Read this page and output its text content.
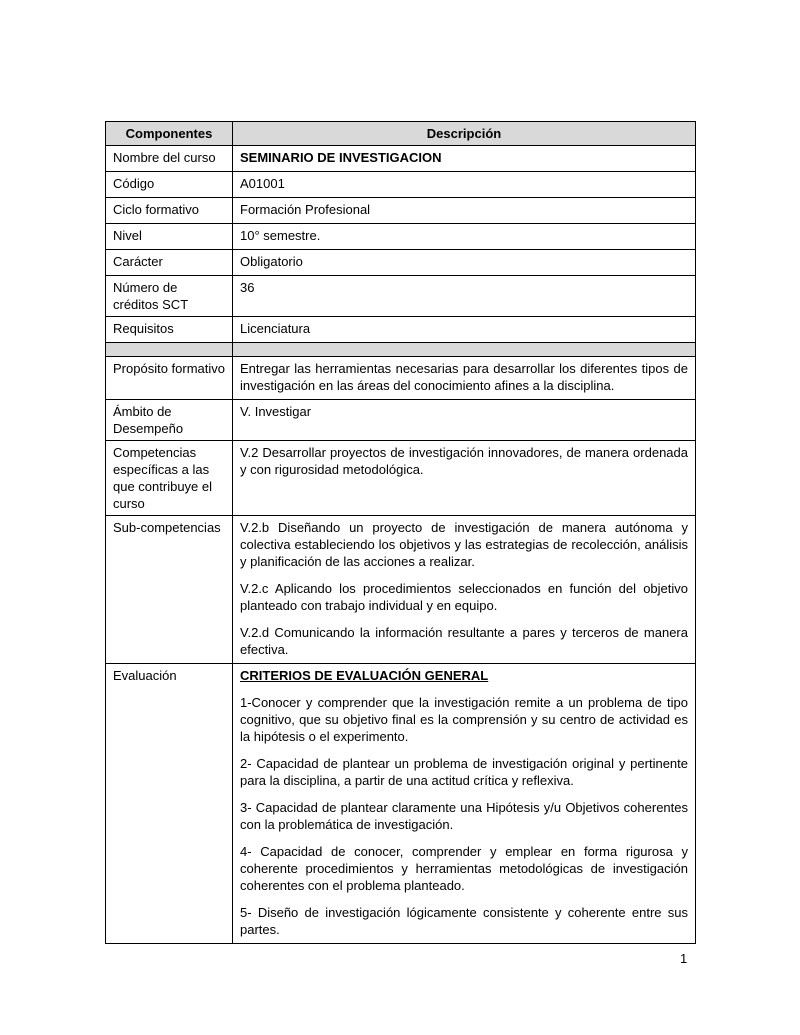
Componentes	Descripción
Nombre del curso	SEMINARIO DE INVESTIGACION

Código	A01001

Ciclo formativo	Formación Profesional

Nivel	10° semestre.

Carácter	Obligatorio

Número de créditos SCT	36

Requisitos	Licenciatura

Propósito formativo	Entregar las herramientas necesarias para desarrollar los diferentes tipos de investigación en las áreas del conocimiento afines a la disciplina.

Ámbito de Desempeño	V. Investigar

Competencias específicas a las que contribuye el curso	V.2 Desarrollar proyectos de investigación innovadores, de manera ordenada y con rigurosidad metodológica.

Sub-competencias	V.2.b Diseñando un proyecto de investigación de manera autónoma y colectiva estableciendo los objetivos y las estrategias de recolección, análisis y planificación de las acciones a realizar.

V.2.c Aplicando los procedimientos seleccionados en función del objetivo planteado con trabajo individual y en equipo.

V.2.d Comunicando la información resultante a pares y terceros de manera efectiva.

Evaluación	CRITERIOS DE EVALUACIÓN GENERAL

1-Conocer y comprender que la investigación remite a un problema de tipo cognitivo, que su objetivo final es la comprensión y su centro de actividad es la hipótesis o el experimento.

2- Capacidad de plantear un problema de investigación original y pertinente para la disciplina, a partir de una actitud crítica y reflexiva.

3- Capacidad de plantear claramente una Hipótesis y/u Objetivos coherentes con la problemática de investigación.

4- Capacidad de conocer, comprender y emplear en forma rigurosa y coherente procedimientos y herramientas metodológicas de investigación coherentes con el problema planteado.

5- Diseño de investigación lógicamente consistente y coherente entre sus partes.

1
